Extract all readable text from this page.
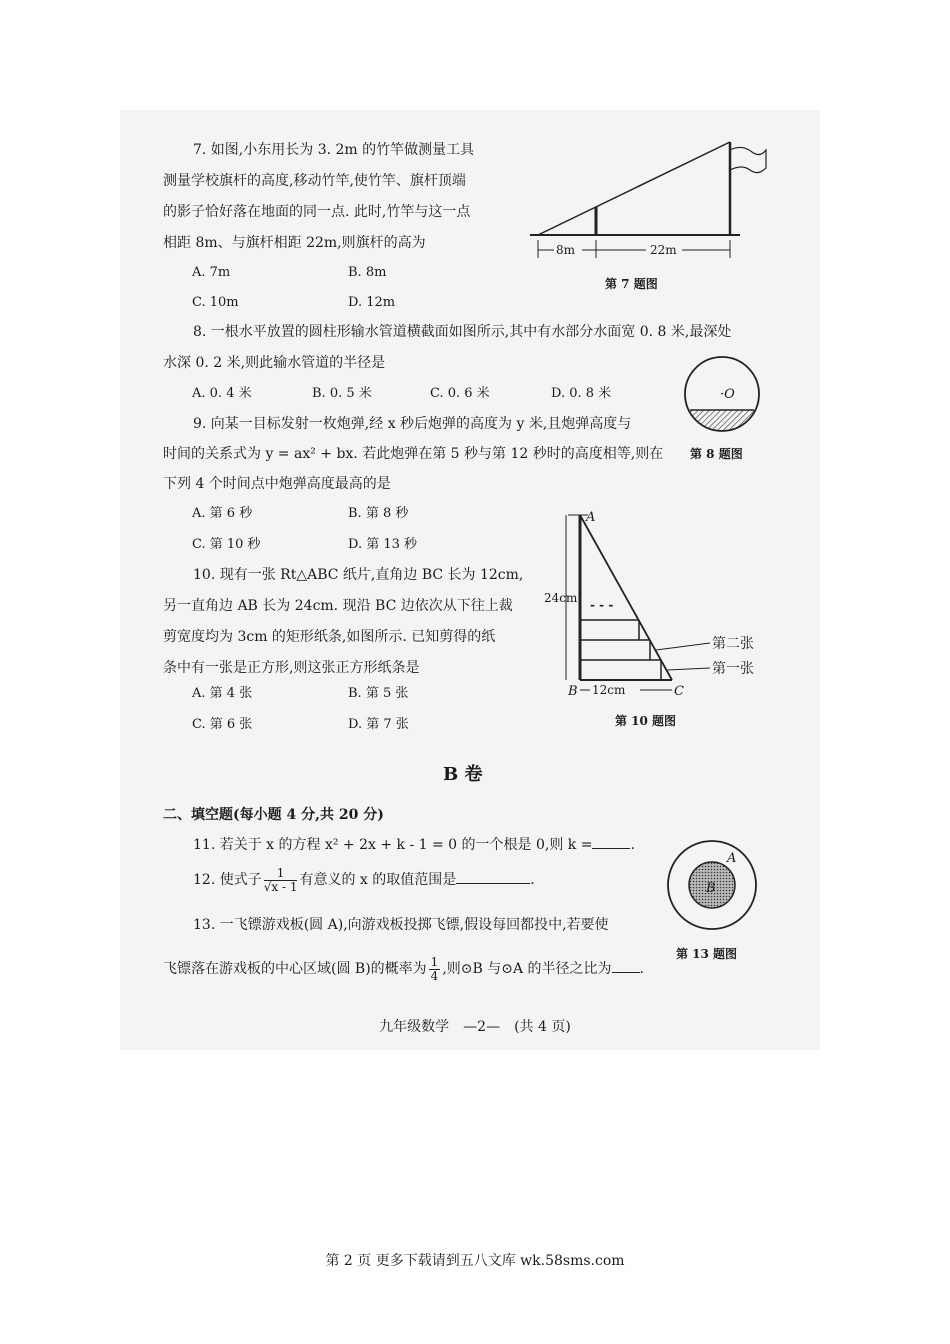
7. 如图,小东用长为 3. 2m 的竹竿做测量工具
测量学校旗杆的高度,移动竹竿,使竹竿、旗杆顶端
的影子恰好落在地面的同一点. 此时,竹竿与这一点
相距 8m、与旗杆相距 22m,则旗杆的高为
A. 7m	B. 8m
C. 10m	D. 12m
8m	22m
第 7 题图
8. 一根水平放置的圆柱形输水管道横截面如图所示,其中有水部分水面宽 0. 8 米,最深处
水深 0. 2 米,则此输水管道的半径是
A. 0. 4 米	B. 0. 5 米	C. 0. 6 米	D. 0. 8 米	·O
第 8 题图
9. 向某一目标发射一枚炮弹,经 x 秒后炮弹的高度为 y 米,且炮弹高度与
时间的关系式为 y = ax² + bx. 若此炮弹在第 5 秒与第 12 秒时的高度相等,则在
下列 4 个时间点中炮弹高度最高的是
A. 第 6 秒	B. 第 8 秒
C. 第 10 秒	D. 第 13 秒
10. 现有一张 Rt△ABC 纸片,直角边 BC 长为 12cm,
另一直角边 AB 长为 24cm. 现沿 BC 边依次从下往上裁
剪宽度均为 3cm 的矩形纸条,如图所示. 已知剪得的纸
条中有一张是正方形,则这张正方形纸条是
A. 第 4 张	B. 第 5 张
C. 第 6 张	D. 第 7 张
- - -
A
B	C
24cm
12cm
第二张
第一张
第 10 题图
B 卷
二、填空题(每小题 4 分,共 20 分)
11. 若关于 x 的方程 x² + 2x + k - 1 = 0 的一个根是 0,则 k =	.
12. 使式子 $\frac{1}{√x - 1}$ 有意义的 x 的取值范围是	.
13. 一飞镖游戏板(圆 A),向游戏板投掷飞镖,假设每回都投中,若要使
飞镖落在游戏板的中心区域(圆 B)的概率为 $\frac{1}{4}$ ,则⊙B 与⊙A 的半径之比为 .
A
B
第 13 题图
九年级数学　—2—　(共 4 页)
第 2 页 更多下载请到五八文库 wk.58sms.com
